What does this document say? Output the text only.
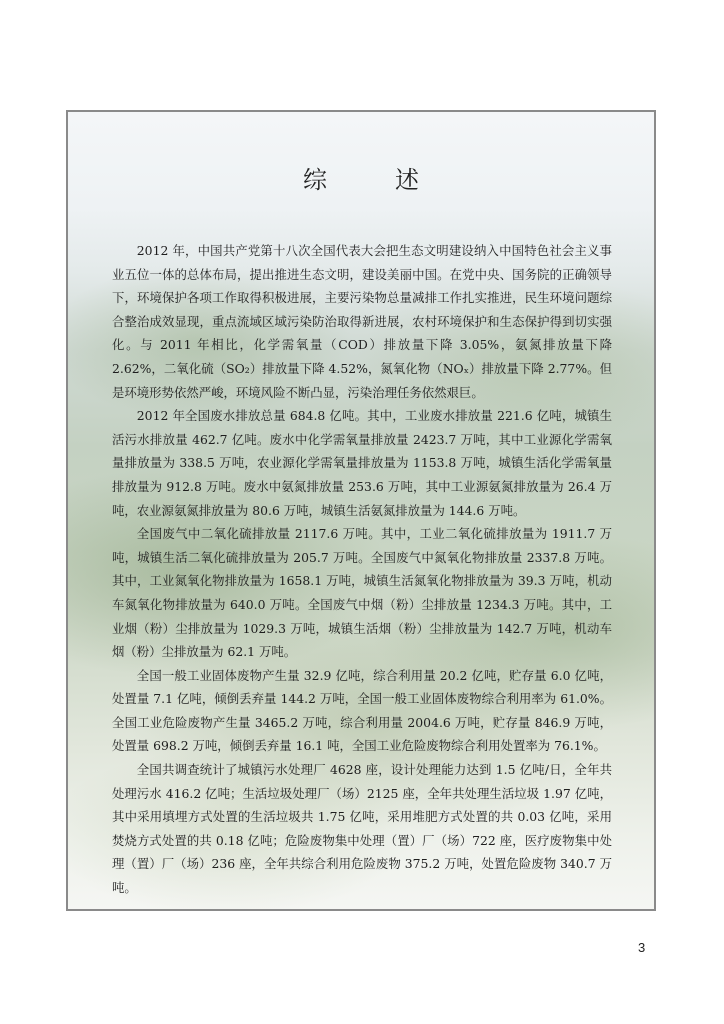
综　述

2012 年，中国共产党第十八次全国代表大会把生态文明建设纳入中国特色社会主义事业五位一体的总体布局，提出推进生态文明，建设美丽中国。在党中央、国务院的正确领导下，环境保护各项工作取得积极进展，主要污染物总量减排工作扎实推进，民生环境问题综合整治成效显现，重点流域区域污染防治取得新进展，农村环境保护和生态保护得到切实强化。与 2011 年相比，化学需氧量（COD）排放量下降 3.05%，氨氮排放量下降 2.62%，二氧化硫（SO₂）排放量下降 4.52%，氮氧化物（NOₓ）排放量下降 2.77%。但是环境形势依然严峻，环境风险不断凸显，污染治理任务依然艰巨。

2012 年全国废水排放总量 684.8 亿吨。其中，工业废水排放量 221.6 亿吨，城镇生活污水排放量 462.7 亿吨。废水中化学需氧量排放量 2423.7 万吨，其中工业源化学需氧量排放量为 338.5 万吨，农业源化学需氧量排放量为 1153.8 万吨，城镇生活化学需氧量排放量为 912.8 万吨。废水中氨氮排放量 253.6 万吨，其中工业源氨氮排放量为 26.4 万吨，农业源氨氮排放量为 80.6 万吨，城镇生活氨氮排放量为 144.6 万吨。

全国废气中二氧化硫排放量 2117.6 万吨。其中，工业二氧化硫排放量为 1911.7 万吨，城镇生活二氧化硫排放量为 205.7 万吨。全国废气中氮氧化物排放量 2337.8 万吨。其中，工业氮氧化物排放量为 1658.1 万吨，城镇生活氮氧化物排放量为 39.3 万吨，机动车氮氧化物排放量为 640.0 万吨。全国废气中烟（粉）尘排放量 1234.3 万吨。其中，工业烟（粉）尘排放量为 1029.3 万吨，城镇生活烟（粉）尘排放量为 142.7 万吨，机动车烟（粉）尘排放量为 62.1 万吨。

全国一般工业固体废物产生量 32.9 亿吨，综合利用量 20.2 亿吨，贮存量 6.0 亿吨，处置量 7.1 亿吨，倾倒丢弃量 144.2 万吨，全国一般工业固体废物综合利用率为 61.0%。全国工业危险废物产生量 3465.2 万吨，综合利用量 2004.6 万吨，贮存量 846.9 万吨，处置量 698.2 万吨，倾倒丢弃量 16.1 吨，全国工业危险废物综合利用处置率为 76.1%。

全国共调查统计了城镇污水处理厂 4628 座，设计处理能力达到 1.5 亿吨/日，全年共处理污水 416.2 亿吨；生活垃圾处理厂（场）2125 座，全年共处理生活垃圾 1.97 亿吨，其中采用填埋方式处置的生活垃圾共 1.75 亿吨，采用堆肥方式处置的共 0.03 亿吨，采用焚烧方式处置的共 0.18 亿吨；危险废物集中处理（置）厂（场）722 座，医疗废物集中处理（置）厂（场）236 座，全年共综合利用危险废物 375.2 万吨，处置危险废物 340.7 万吨。

3
